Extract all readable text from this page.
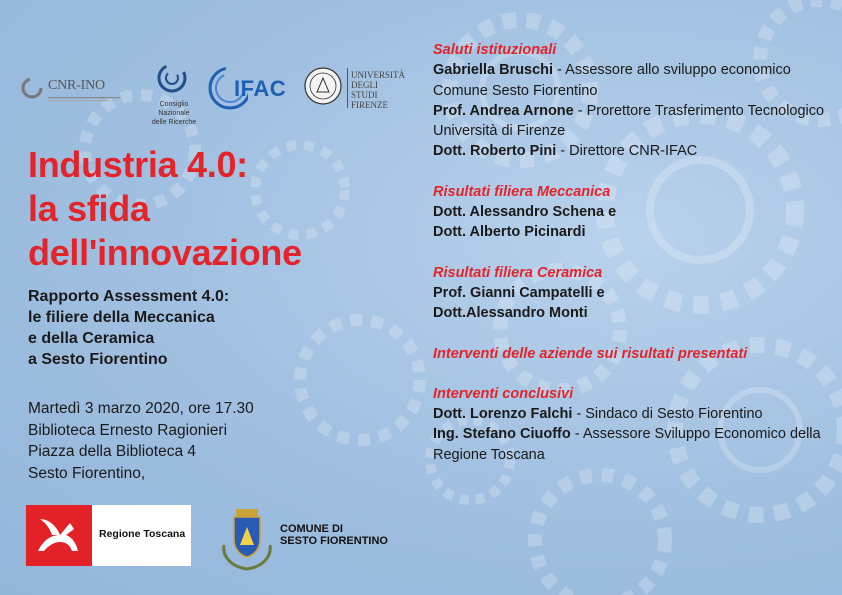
CNR-INO
Consiglio Nazionale
delle Ricerche
IFAC
UNIVERSITÀ
DEGLI STUDI
FIRENZE
Industria 4.0:
la sfida
dell'innovazione
Rapporto Assessment 4.0:
le filiere della Meccanica
e della Ceramica
a Sesto Fiorentino

Martedì 3 marzo 2020, ore 17.30
Biblioteca Ernesto Ragionieri
Piazza della Biblioteca 4
Sesto Fiorentino,

Regione Toscana	COMUNE DI
SESTO FIORENTINO
Saluti istituzionali
Gabriella Bruschi - Assessore allo sviluppo economico Comune Sesto Fiorentino
Prof. Andrea Arnone - Prorettore Trasferimento Tecnologico Università di Firenze
Dott. Roberto Pini - Direttore CNR-IFAC
Risultati filiera Meccanica
Dott. Alessandro Schena e
Dott. Alberto Picinardi
Risultati filiera Ceramica
Prof. Gianni Campatelli e
Dott.Alessandro Monti
Interventi delle aziende sui risultati presentati
Interventi conclusivi
Dott. Lorenzo Falchi - Sindaco di Sesto Fiorentino
Ing. Stefano Ciuoffo - Assessore Sviluppo Economico della Regione Toscana
